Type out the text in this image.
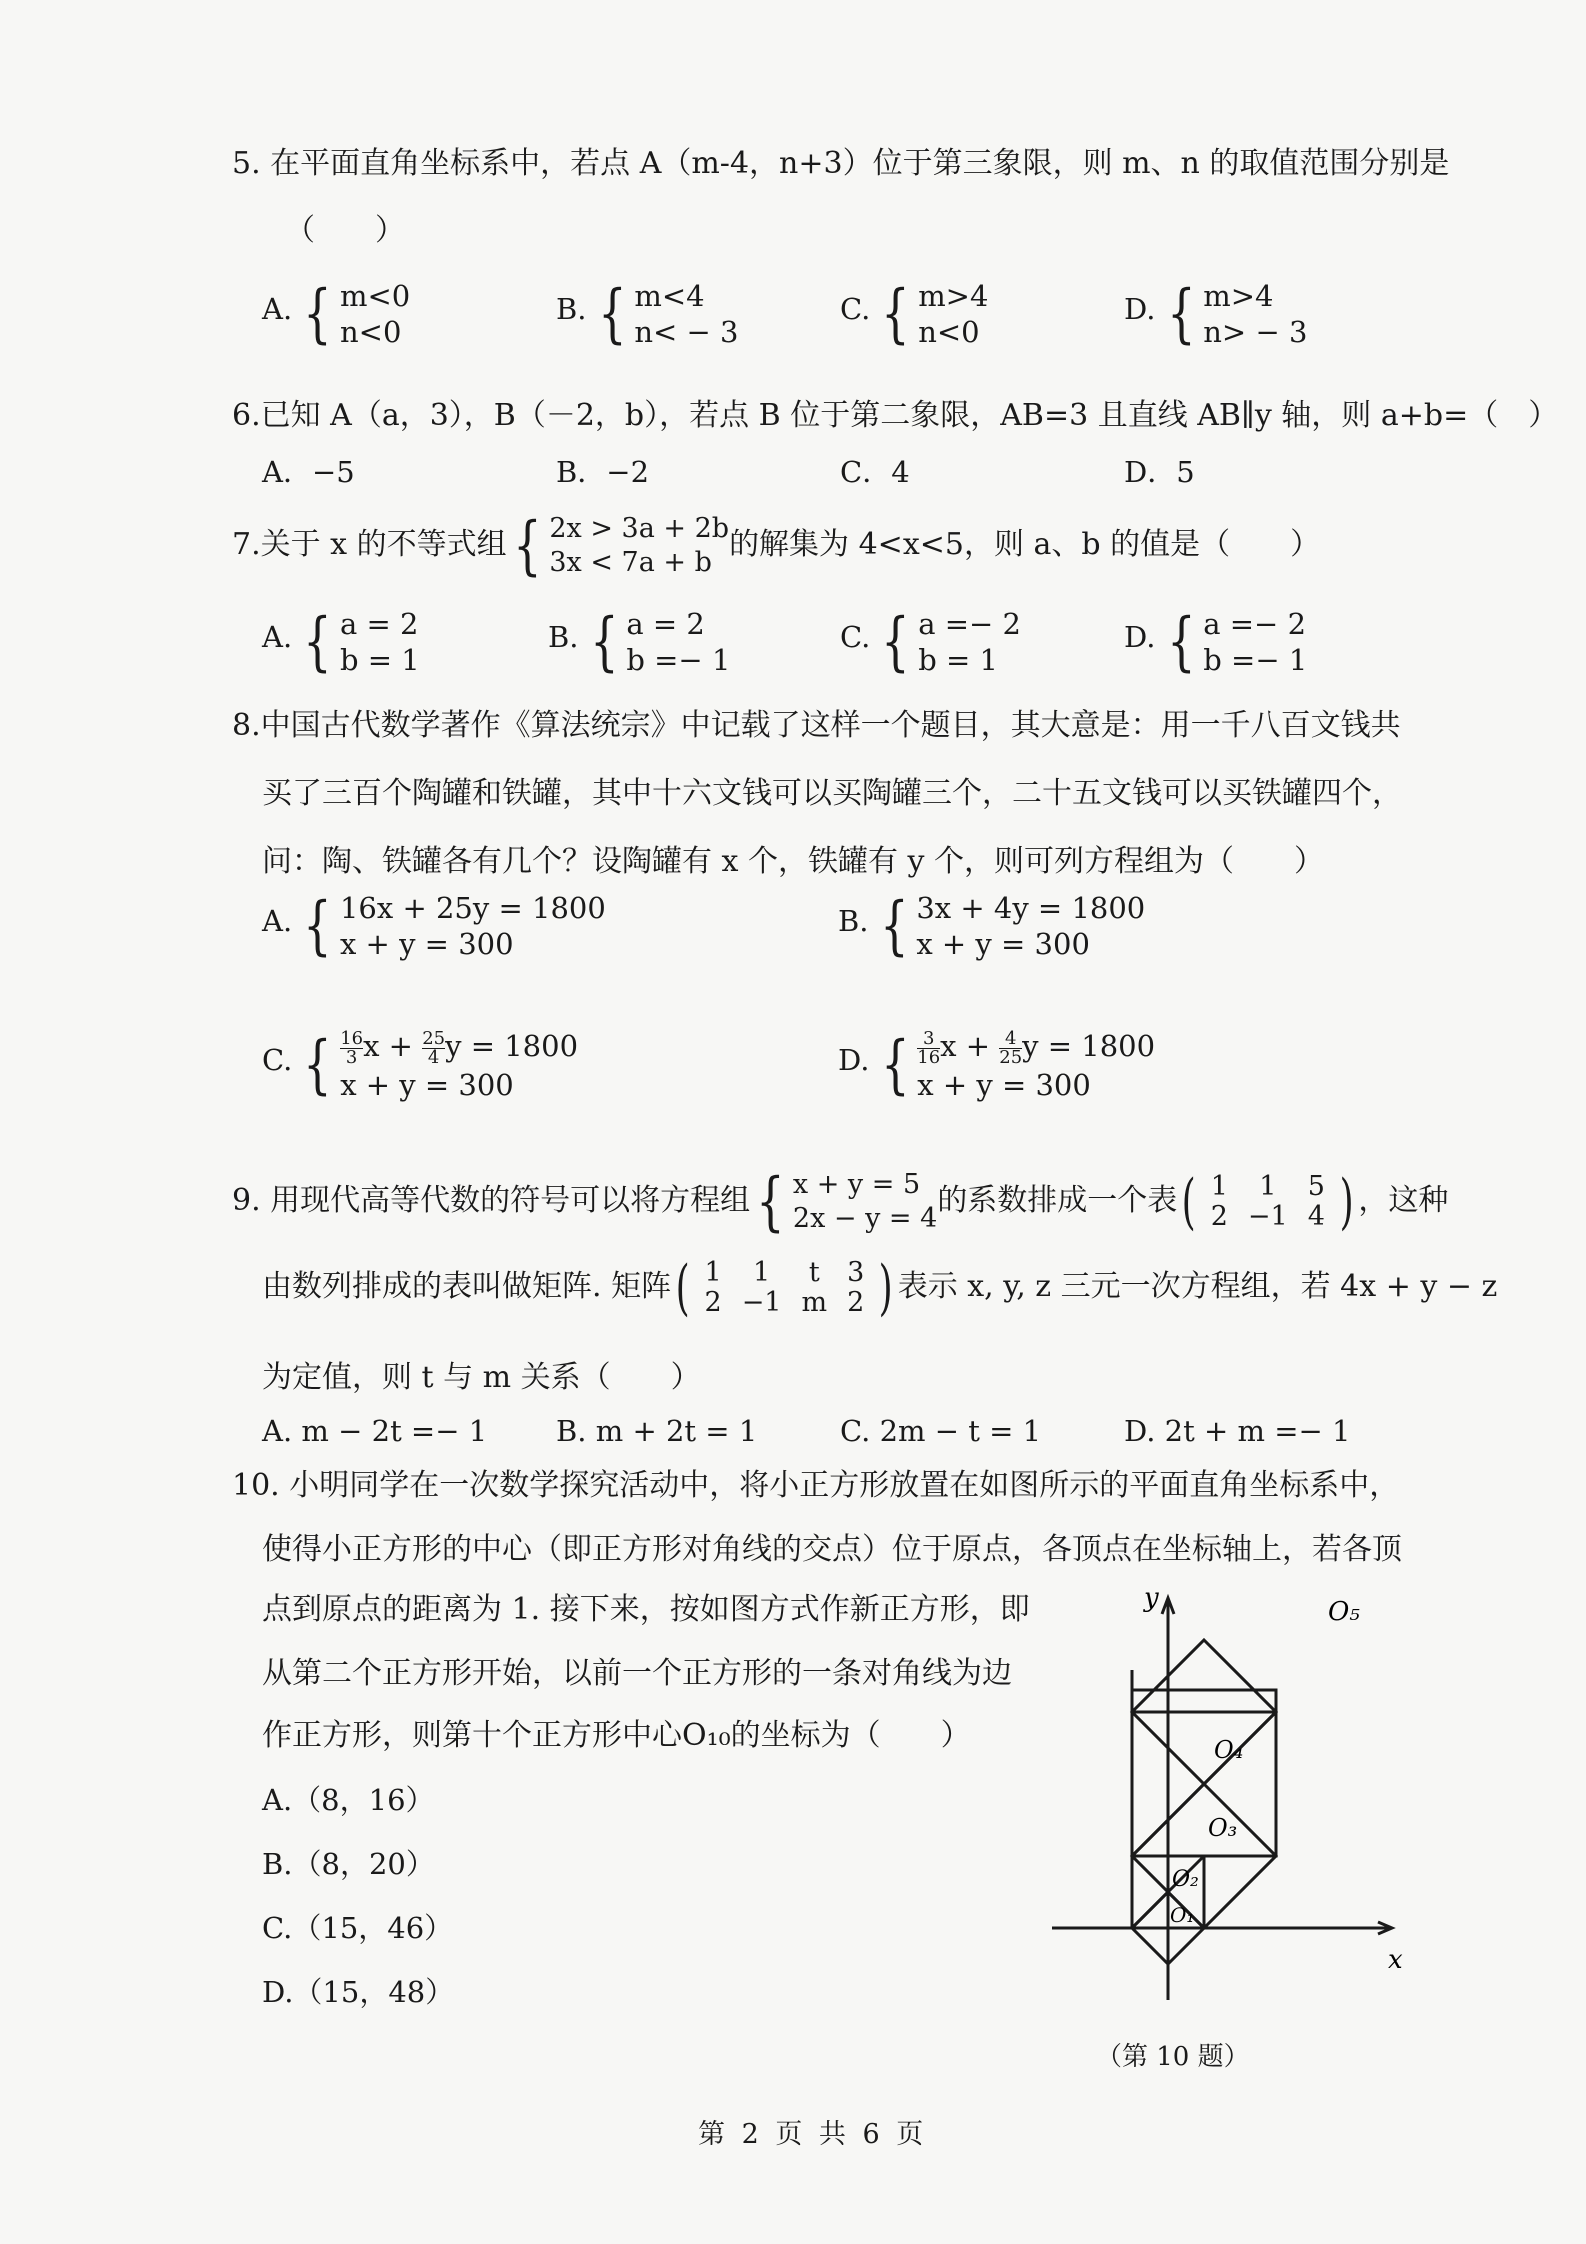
5. 在平面直角坐标系中，若点 A（m-4，n+3）位于第三象限，则 m、n 的取值范围分别是
（　　）
A. { m<0
n<0
B. { m<4
n< − 3
C. { m>4
n<0
D. { m>4
n> − 3
6.已知 A（a，3），B（－2，b），若点 B 位于第二象限，AB=3 且直线 AB∥y 轴，则 a+b=（　）
A．−5	B．−2	C．4	D．5
7.关于 x 的不等式组 { 2x > 3a + 2b
3x < 7a + b
的解集为 4<x<5，则 a、b 的值是（　　）
A. { a = 2
b = 1
B. { a = 2
b =− 1
C. { a =− 2
b = 1
D. { a =− 2
b =− 1
8.中国古代数学著作《算法统宗》中记载了这样一个题目，其大意是：用一千八百文钱共
买了三百个陶罐和铁罐，其中十六文钱可以买陶罐三个，二十五文钱可以买铁罐四个，
问：陶、铁罐各有几个？设陶罐有 x 个，铁罐有 y 个，则可列方程组为（　　）
A. { 16x + 25y = 1800
x + y = 300
B. { 3x + 4y = 1800
x + y = 300
C. { $\frac{16}{3}$ $x + \frac{25}{4}$ y = 1800
x + y = 300
D. { $\frac{3}{16}$ $x + \frac{4}{25}$ y = 1800
x + y = 300
9. 用现代高等代数的符号可以将方程组 { x + y = 5
2x − y = 4
的系数排成一个表 ( 1	1	5
2	−1	4 ) ，这种
由数列排成的表叫做矩阵. 矩阵 ( 1	1	t	3
2	−1	m	2 ) 表示 x, y, z 三元一次方程组，若 4x + y − z
为定值，则 t 与 m 关系（　　）
A. m − 2t =− 1 B. m + 2t = 1	C. 2m − t = 1	D. 2t + m =− 1
10. 小明同学在一次数学探究活动中，将小正方形放置在如图所示的平面直角坐标系中，
使得小正方形的中心（即正方形对角线的交点）位于原点，各顶点在坐标轴上，若各顶
点到原点的距离为 1. 接下来，按如图方式作新正方形，即
从第二个正方形开始，以前一个正方形的一条对角线为边
作正方形，则第十个正方形中心O₁₀的坐标为（　　）
A.（8，16）
B.（8，20）
C.（15，46）
D.（15，48）
O₅
O₄
O₃
O₂
O₁
x
y
（第 10 题）
第 2 页 共 6 页
